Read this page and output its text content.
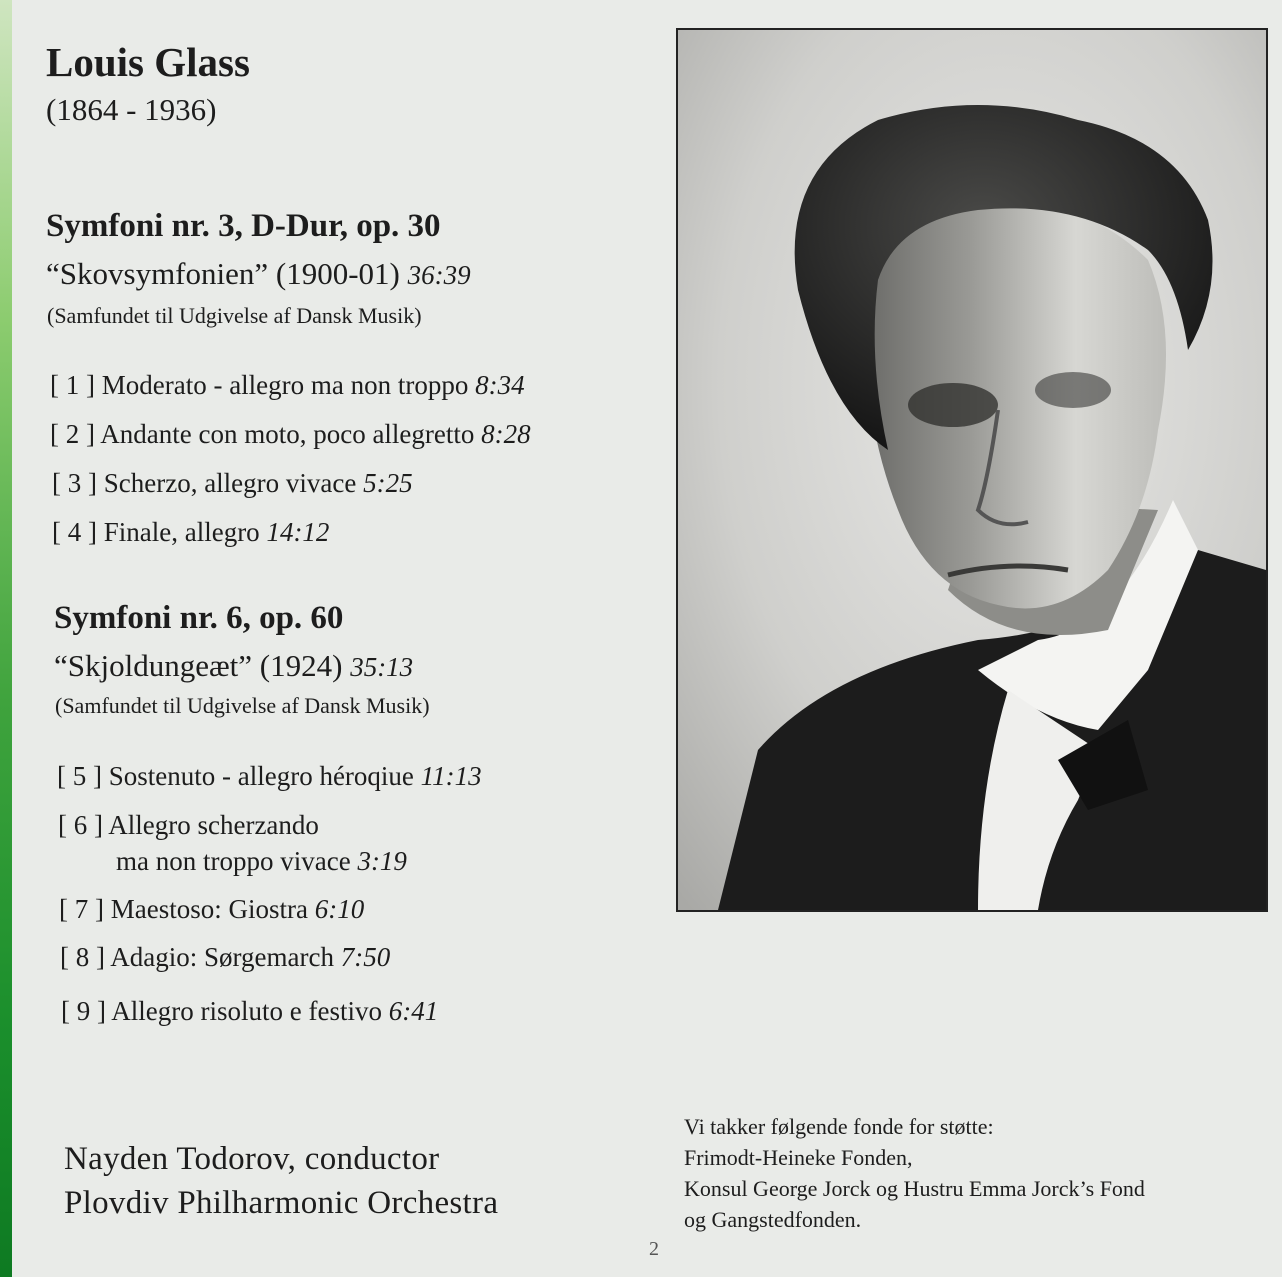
Louis Glass
(1864 - 1936)
Symfoni nr. 3, D-Dur, op. 30
“Skovsymfonien” (1900-01) 36:39
(Samfundet til Udgivelse af Dansk Musik)
[ 1 ] Moderato - allegro ma non troppo 8:34
[ 2 ] Andante con moto, poco allegretto 8:28
[ 3 ] Scherzo, allegro vivace 5:25
[ 4 ] Finale, allegro 14:12
Symfoni nr. 6, op. 60
“Skjoldungeæt” (1924) 35:13
(Samfundet til Udgivelse af Dansk Musik)
[ 5 ] Sostenuto - allegro héroqiue 11:13
[ 6 ] Allegro scherzando
ma non troppo vivace 3:19
[ 7 ] Maestoso: Giostra 6:10
[ 8 ] Adagio: Sørgemarch 7:50
[ 9 ] Allegro risoluto e festivo 6:41
Nayden Todorov, conductor
Plovdiv Philharmonic Orchestra
Vi takker følgende fonde for støtte:
Frimodt-Heineke Fonden,
Konsul George Jorck og Hustru Emma Jorck’s Fond
og Gangstedfonden.
2
